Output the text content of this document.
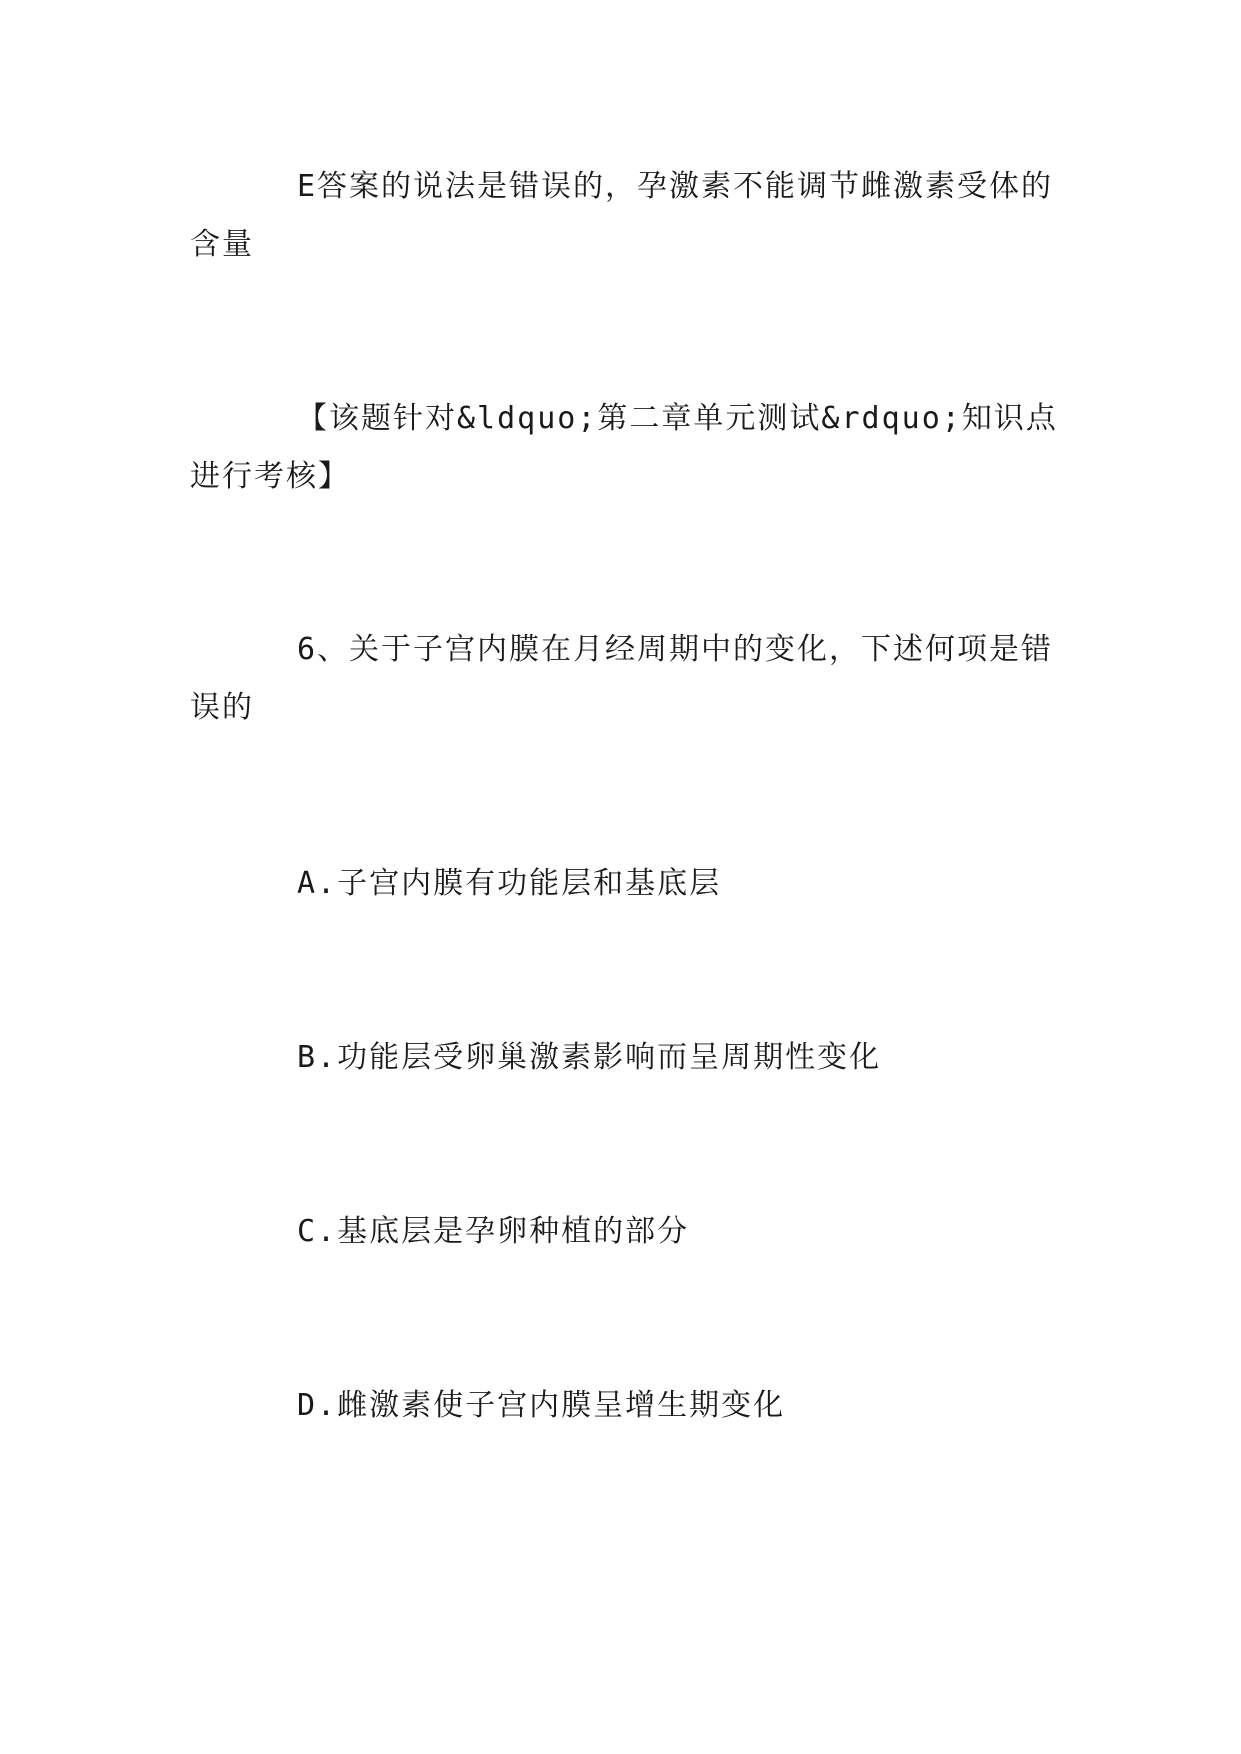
E答案的说法是错误的，孕激素不能调节雌激素受体的含量

【该题针对&ldquo;第二章单元测试&rdquo;知识点进行考核】

6、关于子宫内膜在月经周期中的变化，下述何项是错误的

A.子宫内膜有功能层和基底层

B.功能层受卵巢激素影响而呈周期性变化

C.基底层是孕卵种植的部分

D.雌激素使子宫内膜呈增生期变化
